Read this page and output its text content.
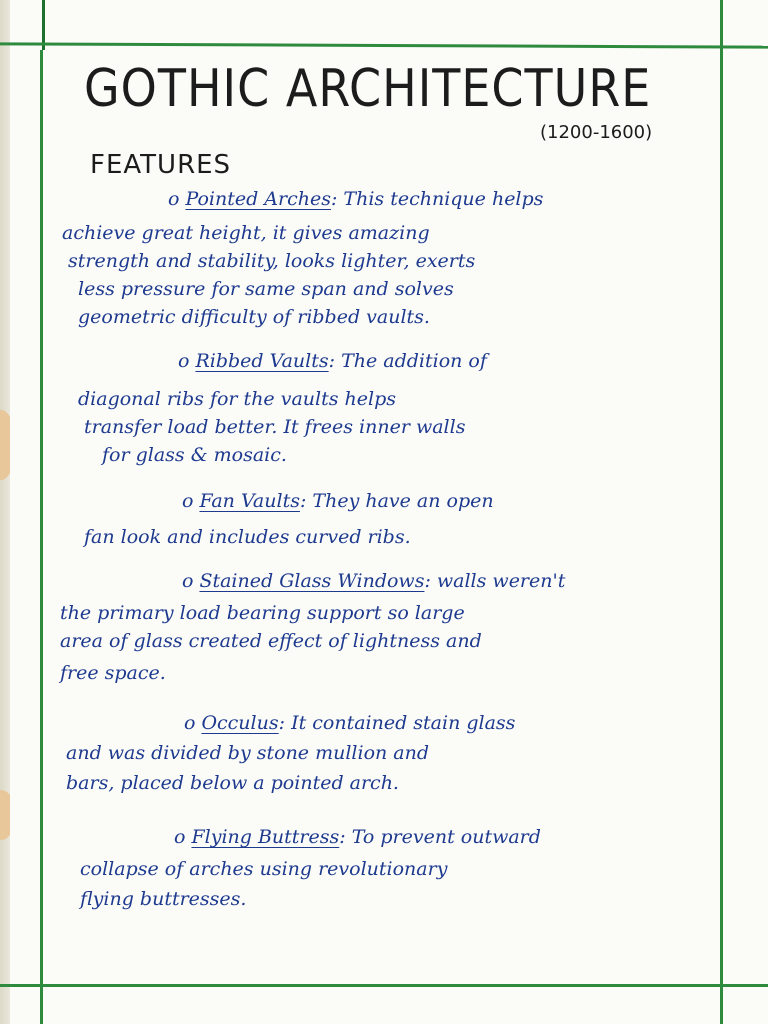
GOTHIC ARCHITECTURE
(1200-1600)
FEATURES
o Pointed Arches: This technique helps
achieve great height, it gives amazing
strength and stability, looks lighter, exerts
less pressure for same span and solves
geometric difficulty of ribbed vaults.
o Ribbed Vaults: The addition of
diagonal ribs for the vaults helps
transfer load better. It frees inner walls
for glass & mosaic.
o Fan Vaults: They have an open
fan look and includes curved ribs.
o Stained Glass Windows: walls weren't
the primary load bearing support so large
area of glass created effect of lightness and
free space.
o Occulus: It contained stain glass
and was divided by stone mullion and
bars, placed below a pointed arch.
o Flying Buttress: To prevent outward
collapse of arches using revolutionary
flying buttresses.
